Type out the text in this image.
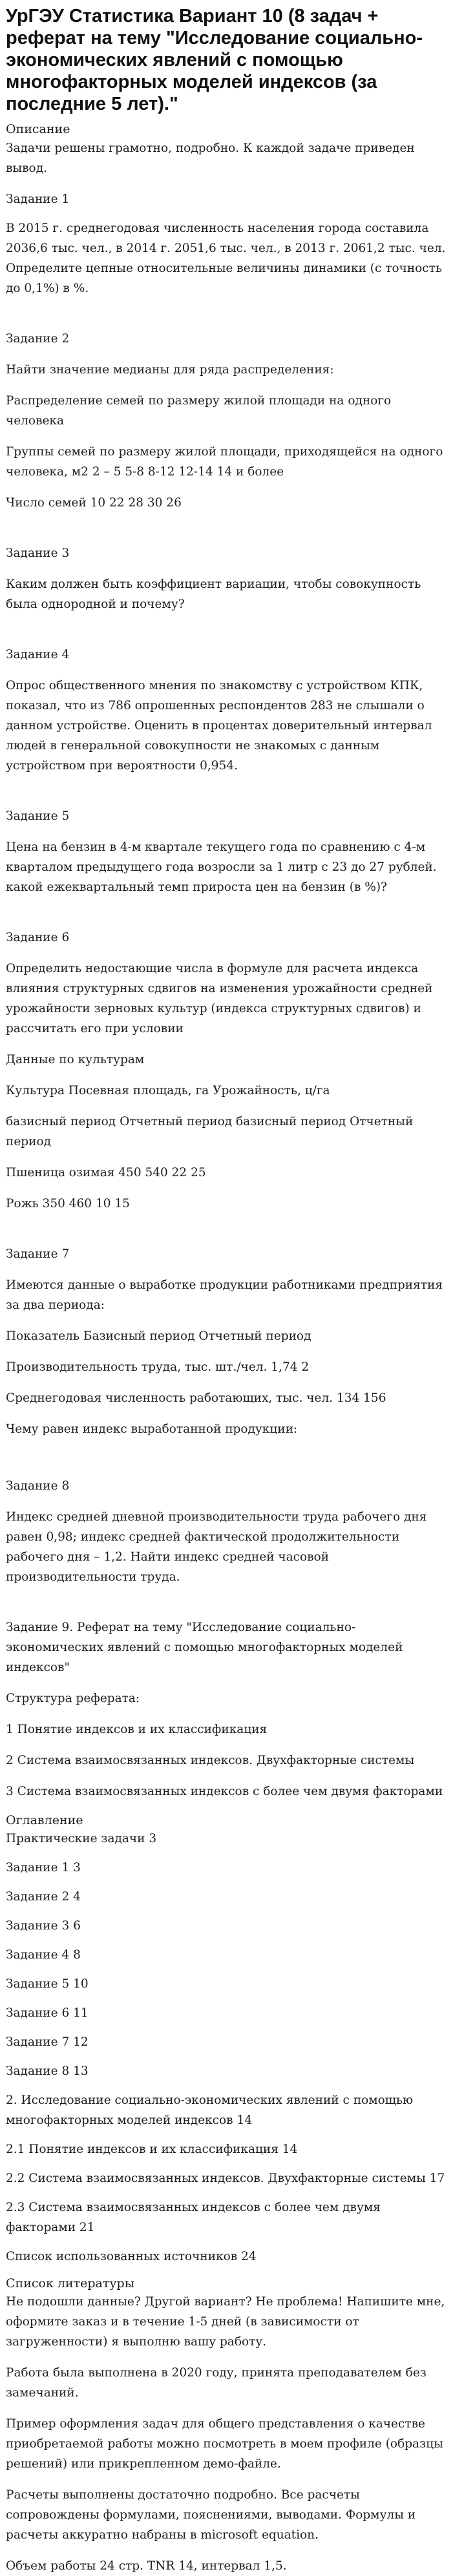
УрГЭУ Статистика Вариант 10 (8 задач + реферат на тему "Исследование социально-экономических явлений с помощью многофакторных моделей индексов (за последние 5 лет)."
Описание

Задачи решены грамотно, подробно. К каждой задаче приведен вывод.

Задание 1

В 2015 г. среднегодовая численность населения города составила 2036,6 тыс. чел., в 2014 г. 2051,6 тыс. чел., в 2013 г. 2061,2 тыс. чел. Определите цепные относительные величины динамики (с точность до 0,1%) в %.

Задание 2

Найти значение медианы для ряда распределения:

Распределение семей по размеру жилой площади на одного человека

Группы семей по размеру жилой площади, приходящейся на одного человека, м2 2 – 5 5-8 8-12 12-14 14 и более

Число семей 10 22 28 30 26

Задание 3

Каким должен быть коэффициент вариации, чтобы совокупность была однородной и почему?

Задание 4

Опрос общественного мнения по знакомству с устройством КПК, показал, что из 786 опрошенных респондентов 283 не слышали о данном устройстве. Оценить в процентах доверительный интервал людей в генеральной совокупности не знакомых с данным устройством при вероятности 0,954.

Задание 5

Цена на бензин в 4-м квартале текущего года по сравнению с 4-м кварталом предыдущего года возросли за 1 литр с 23 до 27 рублей. какой ежеквартальный темп прироста цен на бензин (в %)?

Задание 6

Определить недостающие числа в формуле для расчета индекса влияния структурных сдвигов на изменения урожайности средней урожайности зерновых культур (индекса структурных сдвигов) и рассчитать его при условии

Данные по культурам

Культура Посевная площадь, га Урожайность, ц/га

базисный период Отчетный период базисный период Отчетный период

Пшеница озимая 450 540 22 25

Рожь 350 460 10 15

Задание 7

Имеются данные о выработке продукции работниками предприятия за два периода:

Показатель Базисный период Отчетный период

Производительность труда, тыс. шт./чел. 1,74 2

Среднегодовая численность работающих, тыс. чел. 134 156

Чему равен индекс выработанной продукции:

Задание 8

Индекс средней дневной производительности труда рабочего дня равен 0,98; индекс средней фактической продолжительности рабочего дня – 1,2. Найти индекс средней часовой производительности труда.

Задание 9. Реферат на тему "Исследование социально-экономических явлений с помощью многофакторных моделей индексов"

Структура реферата:

1 Понятие индексов и их классификация

2 Система взаимосвязанных индексов. Двухфакторные системы

3 Система взаимосвязанных индексов с более чем двумя факторами

Оглавление

Практические задачи 3

Задание 1 3

Задание 2 4

Задание 3 6

Задание 4 8

Задание 5 10

Задание 6 11

Задание 7 12

Задание 8 13

2. Исследование социально-экономических явлений с помощью многофакторных моделей индексов 14

2.1 Понятие индексов и их классификация 14

2.2 Система взаимосвязанных индексов. Двухфакторные системы 17

2.3 Система взаимосвязанных индексов с более чем двумя факторами 21

Список использованных источников 24

Список литературы

Не подошли данные? Другой вариант? Не проблема! Напишите мне, оформите заказ и в течение 1-5 дней (в зависимости от загруженности) я выполню вашу работу.

Работа была выполнена в 2020 году, принята преподавателем без замечаний.

Пример оформления задач для общего представления о качестве приобретаемой работы можно посмотреть в моем профиле (образцы решений) или прикрепленном демо-файле.

Расчеты выполнены достаточно подробно. Все расчеты сопровождены формулами, пояснениями, выводами. Формулы и расчеты аккуратно набраны в microsoft equation.

Объем работы 24 стр. TNR 14, интервал 1,5.
